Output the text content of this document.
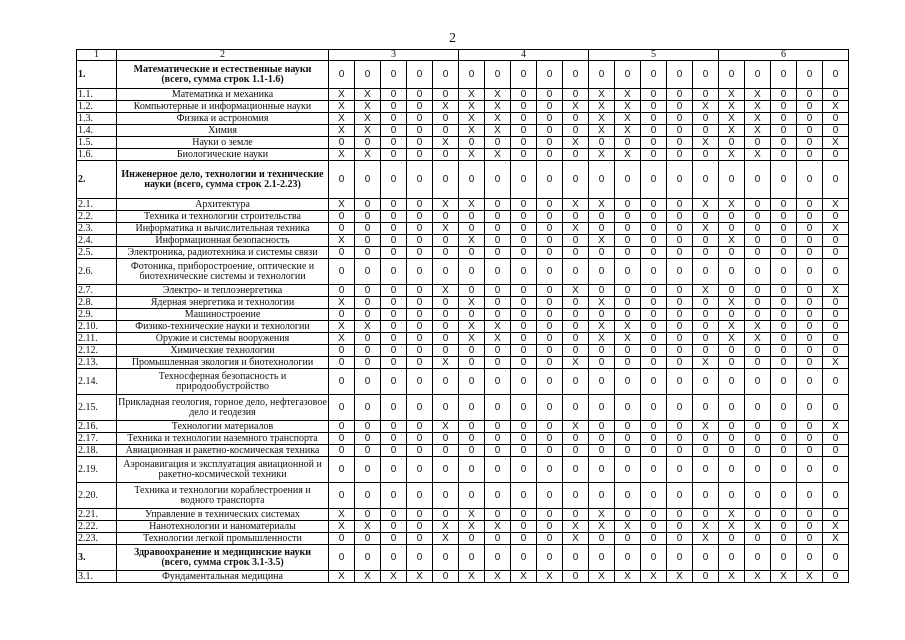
2
1	2	3					4					5					6				
1.	Математические и естественные науки (всего, сумма строк 1.1-1.6)	0	0	0	0	0	0	0	0	0	0	0	0	0	0	0	0	0	0	0	0
1.1.	Математика и механика	X	X	0	0	0	X	X	0	0	0	X	X	0	0	0	X	X	0	0	0
1.2.	Компьютерные и информационные науки	X	X	0	0	X	X	X	0	0	X	X	X	0	0	X	X	X	0	0	X
1.3.	Физика и астрономия	X	X	0	0	0	X	X	0	0	0	X	X	0	0	0	X	X	0	0	0
1.4.	Химия	X	X	0	0	0	X	X	0	0	0	X	X	0	0	0	X	X	0	0	0
1.5.	Науки о земле	0	0	0	0	X	0	0	0	0	X	0	0	0	0	X	0	0	0	0	X
1.6.	Биологические науки	X	X	0	0	0	X	X	0	0	0	X	X	0	0	0	X	X	0	0	0
2.	Инженерное дело, технологии и технические науки (всего, сумма строк 2.1-2.23)	0	0	0	0	0	0	0	0	0	0	0	0	0	0	0	0	0	0	0	0
2.1.	Архитектура	X	0	0	0	X	X	0	0	0	X	X	0	0	0	X	X	0	0	0	X
2.2.	Техника и технологии строительства	0	0	0	0	0	0	0	0	0	0	0	0	0	0	0	0	0	0	0	0
2.3.	Информатика и вычислительная техника	0	0	0	0	X	0	0	0	0	X	0	0	0	0	X	0	0	0	0	X
2.4.	Информационная безопасность	X	0	0	0	0	X	0	0	0	0	X	0	0	0	0	X	0	0	0	0
2.5.	Электроника, радиотехника и системы связи	0	0	0	0	0	0	0	0	0	0	0	0	0	0	0	0	0	0	0	0
2.6.	Фотоника, приборостроение, оптические и биотехнические системы и технологии	0	0	0	0	0	0	0	0	0	0	0	0	0	0	0	0	0	0	0	0
2.7.	Электро- и теплоэнергетика	0	0	0	0	X	0	0	0	0	X	0	0	0	0	X	0	0	0	0	X
2.8.	Ядерная энергетика и технологии	X	0	0	0	0	X	0	0	0	0	X	0	0	0	0	X	0	0	0	0
2.9.	Машиностроение	0	0	0	0	0	0	0	0	0	0	0	0	0	0	0	0	0	0	0	0
2.10.	Физико-технические науки и технологии	X	X	0	0	0	X	X	0	0	0	X	X	0	0	0	X	X	0	0	0
2.11.	Оружие и системы вооружения	X	0	0	0	0	X	X	0	0	0	X	X	0	0	0	X	X	0	0	0
2.12.	Химические технологии	0	0	0	0	0	0	0	0	0	0	0	0	0	0	0	0	0	0	0	0
2.13.	Промышленная экология и биотехнологии	0	0	0	0	X	0	0	0	0	X	0	0	0	0	X	0	0	0	0	X
2.14.	Техносферная безопасность и природообустройство	0	0	0	0	0	0	0	0	0	0	0	0	0	0	0	0	0	0	0	0
2.15.	Прикладная геология, горное дело, нефтегазовое дело и геодезия	0	0	0	0	0	0	0	0	0	0	0	0	0	0	0	0	0	0	0	0
2.16.	Технологии материалов	0	0	0	0	X	0	0	0	0	X	0	0	0	0	X	0	0	0	0	X
2.17.	Техника и технологии наземного транспорта	0	0	0	0	0	0	0	0	0	0	0	0	0	0	0	0	0	0	0	0
2.18.	Авиационная и ракетно-космическая техника	0	0	0	0	0	0	0	0	0	0	0	0	0	0	0	0	0	0	0	0
2.19.	Аэронавигация и эксплуатация авиационной и ракетно-космической техники	0	0	0	0	0	0	0	0	0	0	0	0	0	0	0	0	0	0	0	0
2.20.	Техника и технологии кораблестроения и водного транспорта	0	0	0	0	0	0	0	0	0	0	0	0	0	0	0	0	0	0	0	0
2.21.	Управление в технических системах	X	0	0	0	0	X	0	0	0	0	X	0	0	0	0	X	0	0	0	0
2.22.	Нанотехнологии и наноматериалы	X	X	0	0	X	X	X	0	0	X	X	X	0	0	X	X	X	0	0	X
2.23.	Технологии легкой промышленности	0	0	0	0	X	0	0	0	0	X	0	0	0	0	X	0	0	0	0	X
3.	Здравоохранение и медицинские науки (всего, сумма строк 3.1-3.5)	0	0	0	0	0	0	0	0	0	0	0	0	0	0	0	0	0	0	0	0
3.1.	Фундаментальная медицина	X	X	X	X	0	X	X	X	X	0	X	X	X	X	0	X	X	X	X	0
